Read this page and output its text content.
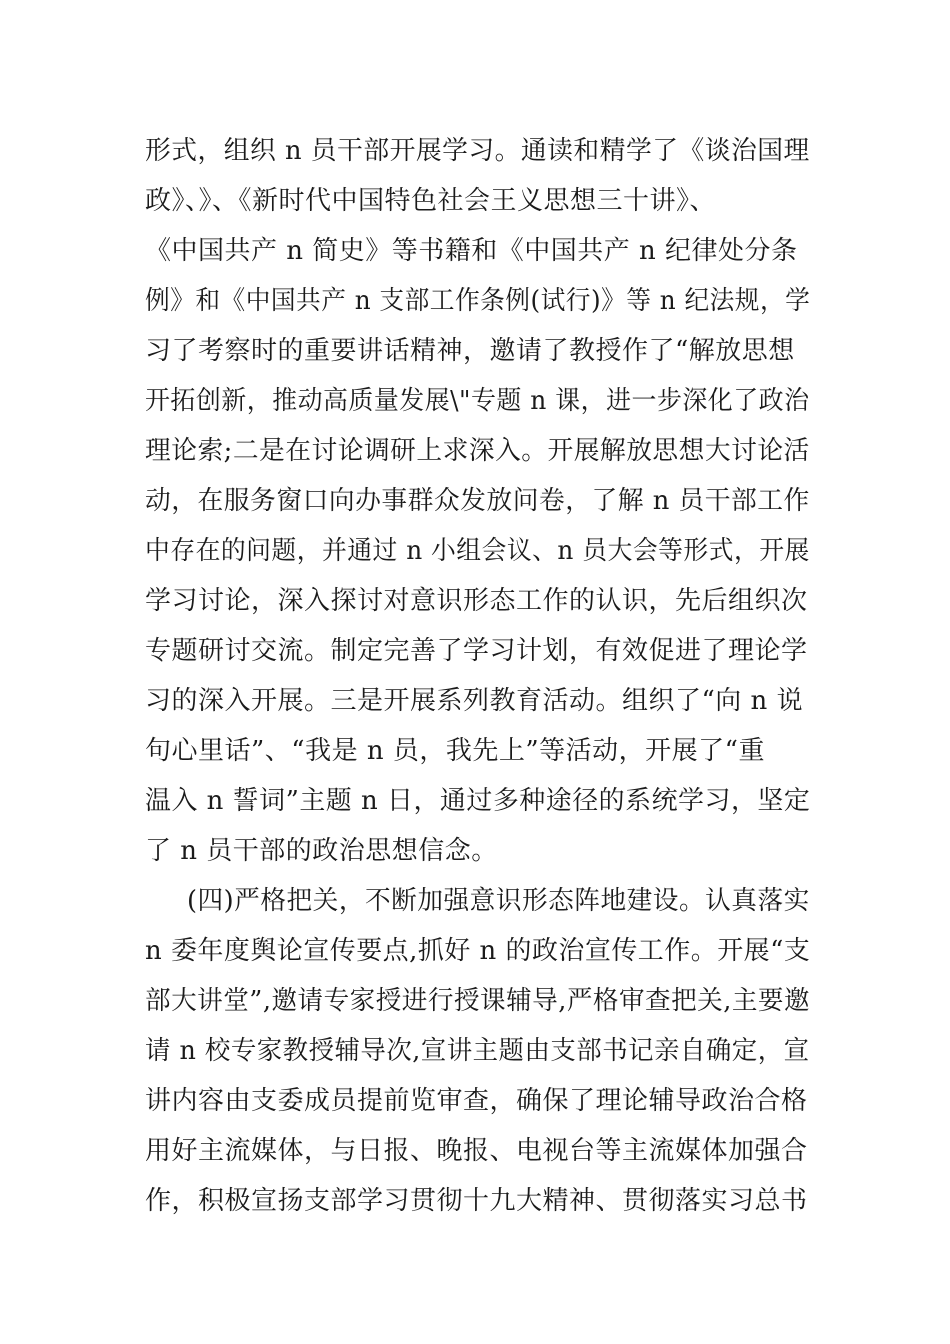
形式，组织 n 员干部开展学习。通读和精学了《谈治国理
政》、》、《新时代中国特色社会王义思想三十讲》、
《中国共产 n 简史》等书籍和《中国共产 n 纪律处分条
例》和《中国共产 n 支部工作条例(试行)》等 n 纪法规，学
习了考察时的重要讲话精神，邀请了教授作了“解放思想
开拓创新，推动高质量发展\"专题 n 课，进一步深化了政治
理论索;二是在讨论调研上求深入。开展解放思想大讨论活
动，在服务窗口向办事群众发放问卷，了解 n 员干部工作
中存在的问题，并通过 n 小组会议、n 员大会等形式，开展
学习讨论，深入探讨对意识形态工作的认识，先后组织次
专题研讨交流。制定完善了学习计划，有效促进了理论学
习的深入开展。三是开展系列教育活动。组织了“向 n 说
句心里话”、“我是 n 员，我先上”等活动，开展了“重
温入 n 誓词”主题 n 日，通过多种途径的系统学习，坚定
了 n 员干部的政治思想信念。
(四)严格把关，不断加强意识形态阵地建设。认真落实
n 委年度舆论宣传要点,抓好 n 的政治宣传工作。开展“支
部大讲堂”,邀请专家授进行授课辅导,严格审查把关,主要邀
请 n 校专家教授辅导次,宣讲主题由支部书记亲自确定，宣
讲内容由支委成员提前览审查，确保了理论辅导政治合格
用好主流媒体，与日报、晚报、电视台等主流媒体加强合
作，积极宣扬支部学习贯彻十九大精神、贯彻落实习总书
